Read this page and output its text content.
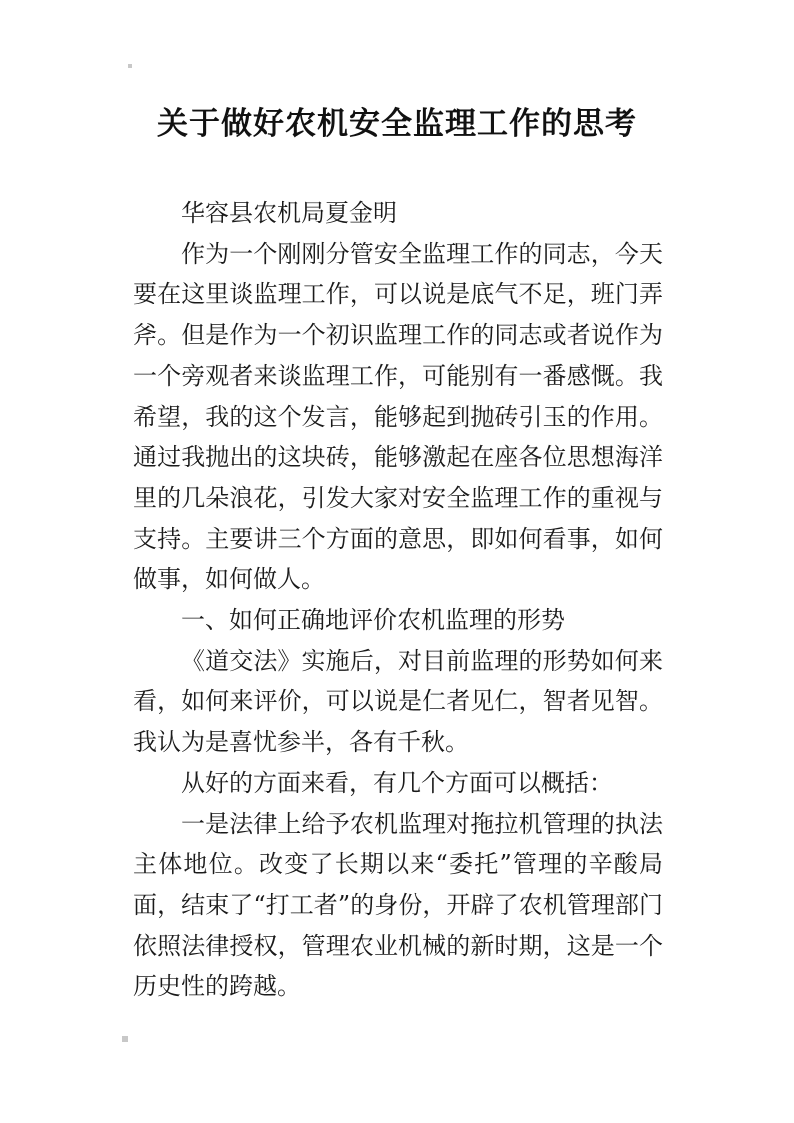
关于做好农机安全监理工作的思考

华容县农机局夏金明

作为一个刚刚分管安全监理工作的同志，今天要在这里谈监理工作，可以说是底气不足，班门弄斧。但是作为一个初识监理工作的同志或者说作为一个旁观者来谈监理工作，可能别有一番感慨。我希望，我的这个发言，能够起到抛砖引玉的作用。通过我抛出的这块砖，能够激起在座各位思想海洋里的几朵浪花，引发大家对安全监理工作的重视与支持。主要讲三个方面的意思，即如何看事，如何做事，如何做人。

一、如何正确地评价农机监理的形势

《道交法》实施后，对目前监理的形势如何来看，如何来评价，可以说是仁者见仁，智者见智。我认为是喜忧参半，各有千秋。

从好的方面来看，有几个方面可以概括：

一是法律上给予农机监理对拖拉机管理的执法主体地位。改变了长期以来“委托”管理的辛酸局面，结束了“打工者”的身份，开辟了农机管理部门依照法律授权，管理农业机械的新时期，这是一个历史性的跨越。
